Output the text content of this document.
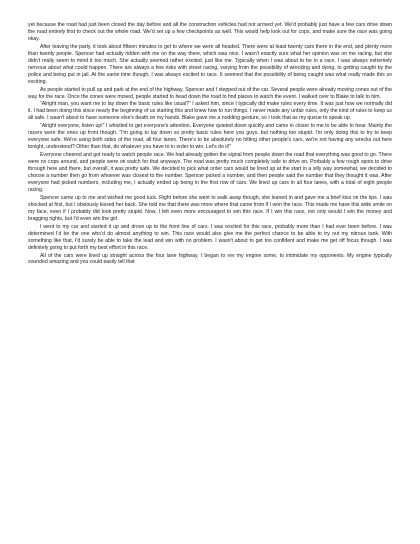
yet because the road had just been closed the day before and all the construction vehicles had not arrived yet. We'd probably just have a few cars drive down the road entirely first to check out the whole road. We'd set up a few checkpoints as well. This would help look out for cops, and make sure the race was going okay.

After leaving the party, it took about fifteen minutes to get to where we were all headed. There were at least twenty cars there in the end, and plenty more than twenty people. Spencer had actually ridden with me on the way there, which was nice. I wasn't exactly sure what her opinion was on me racing, but she didn't really seem to mind it too much. She actually seemed rather excited, just like me. Typically when I was about to be in a race, I was always extremely nervous about what could happen. There are always a few risks with street racing, varying from the possibility of wrecking and dying, to getting caught by the police and being put in jail. At the same time though, I was always excited to race. It seemed that the possibility of being caught was what really made this so exciting.

As people started to pull up and park at the end of the highway, Spencer and I stepped out of the car. Several people were already moving cones out of the way for the race. Once the cones were moved, people started to head down the road to find places to watch the event. I walked over to Blake to talk to him.

“Alright man, you want me to lay down the basic rules like usual?” I asked him, since I typically did make rules every time. It was just how we normally did it. I had been doing this since nearly the beginning of us starting this and knew how to run things. I never made any unfair rules, only the kind of rules to keep us all safe. I wasn't about to have someone else's death on my hands. Blake gave me a nodding gesture, so I took that as my queue to speak up.

“Alright everyone, listen up!” I whistled to get everyone's attention. Everyone quieted down quickly and came in closer to me to be able to hear. Mainly the racers were the ones up front though. “I'm going to lay down so pretty basic rules here you guys, but nothing too stupid. I'm only doing this to try to keep everyone safe. We're using both sides of the road, all four lanes. There's to be absolutely no hitting other people's cars, we're not having any wrecks out here tonight, understood? Other than that, do whatever you have to in order to win. Let's do it!”

Everyone cheered and got ready to watch people race. We had already gotten the signal from people down the road that everything was good to go. There were no cops around, and people were on watch for that anyways. The road was pretty much completely safe to drive on. Probably a few rough spots to drive through here and there, but overall, it was pretty safe. We decided to pick what order cars would be lined up at the start in a silly way somewhat, we decided to choose a number then go from whoever was closest to the number. Spencer picked a number, and then people said the number that they thought it was. After everyone had picked numbers, including me, I actually ended up being in the first row of cars. We lined up cars in all four lanes, with a total of eight people racing.

Spencer came up to me and wished me good luck. Right before she went to walk away though, she leaned in and gave me a brief kiss on the lips. I was shocked at first, but I obviously kissed her back. She told me that there was more where that came from if I won the race. This made me have this wide smile on my face, even if I probably did look pretty stupid. Now, I felt even more encouraged to win this race. If I win this race, not only would I win the money and bragging rights, but I'd even win the girl.

I went to my car and started it up and drove up to the front line of cars. I was excited for this race, probably more than I had ever been before. I was determined I'd be the one who'd do almost anything to win. This race would also give me the perfect chance to be able to try out my nitrous tank. With something like that, I'd surely be able to take the lead and win with no problem. I wasn't about to get too confident and make me get off focus though. I was definitely going to put forth my best effort in this race.

All of the cars were lined up straight across the four lane highway. I began to rev my engine some, to intimidate my opponents. My engine typically sounded amazing and you could easily tell that
